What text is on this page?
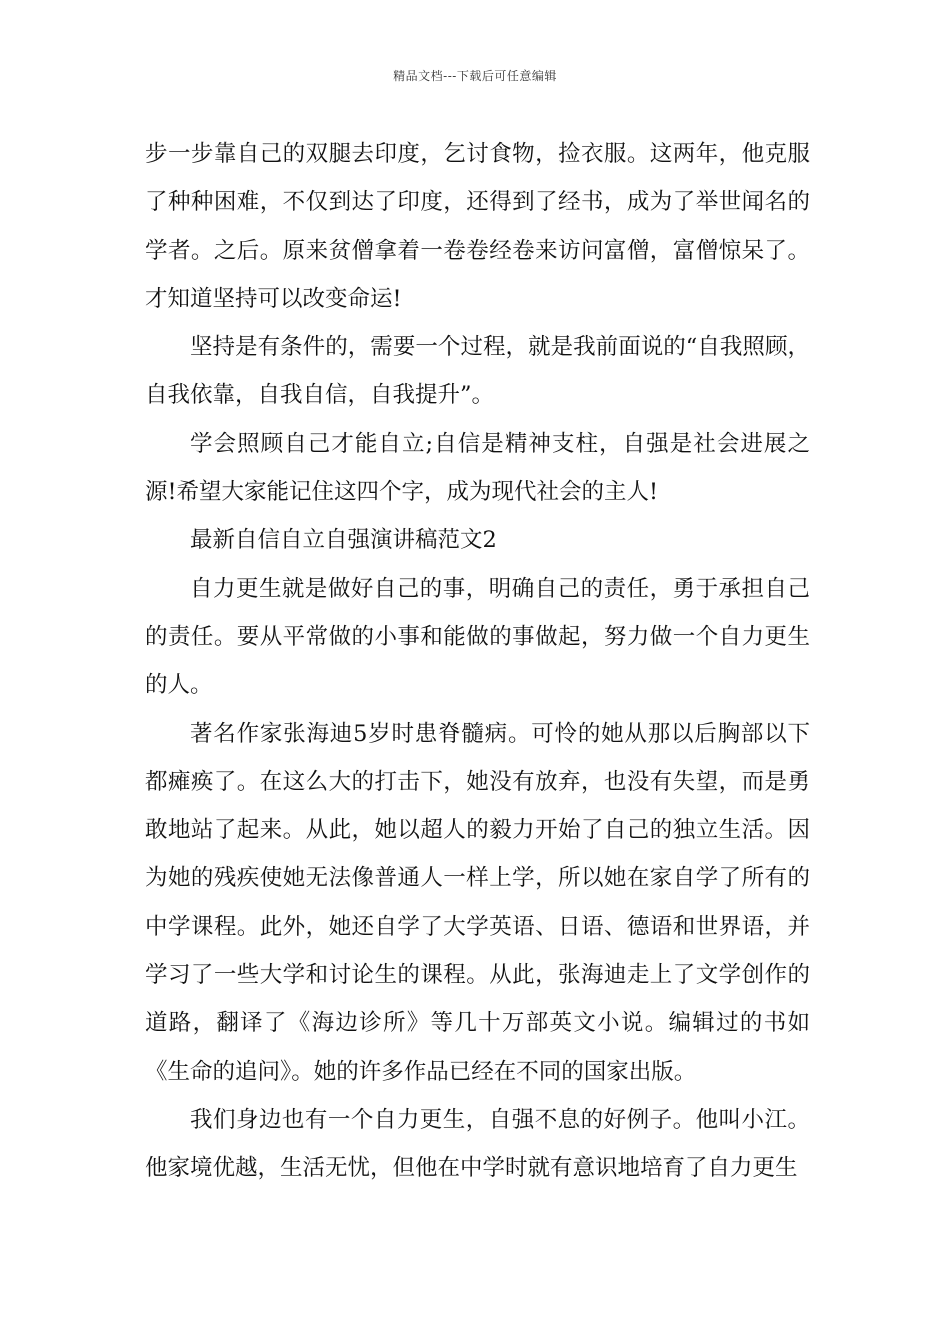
精品文档---下载后可任意编辑

步一步靠自己的双腿去印度，乞讨食物，捡衣服。这两年，他克服了种种困难，不仅到达了印度，还得到了经书，成为了举世闻名的学者。之后。原来贫僧拿着一卷卷经卷来访问富僧，富僧惊呆了。才知道坚持可以改变命运!

坚持是有条件的，需要一个过程，就是我前面说的“自我照顾，自我依靠，自我自信，自我提升”。

学会照顾自己才能自立;自信是精神支柱，自强是社会进展之源!希望大家能记住这四个字，成为现代社会的主人!

最新自信自立自强演讲稿范文2

自力更生就是做好自己的事，明确自己的责任，勇于承担自己的责任。要从平常做的小事和能做的事做起，努力做一个自力更生的人。

著名作家张海迪5岁时患脊髓病。可怜的她从那以后胸部以下都瘫痪了。在这么大的打击下，她没有放弃，也没有失望，而是勇敢地站了起来。从此，她以超人的毅力开始了自己的独立生活。因为她的残疾使她无法像普通人一样上学，所以她在家自学了所有的中学课程。此外，她还自学了大学英语、日语、德语和世界语，并学习了一些大学和讨论生的课程。从此，张海迪走上了文学创作的道路，翻译了《海边诊所》等几十万部英文小说。编辑过的书如《生命的追问》。她的许多作品已经在不同的国家出版。

我们身边也有一个自力更生，自强不息的好例子。他叫小江。他家境优越，生活无忧，但他在中学时就有意识地培育了自力更生
